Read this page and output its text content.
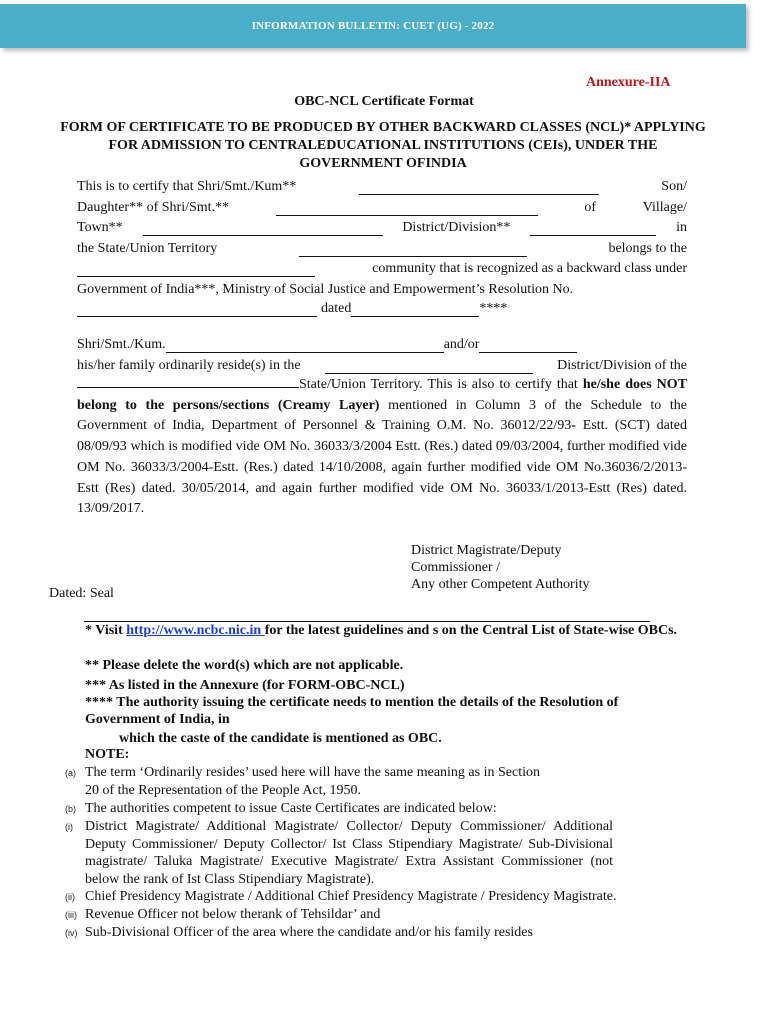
INFORMATION BULLETIN: CUET (UG) - 2022
Annexure-IIA
OBC-NCL Certificate Format
FORM OF CERTIFICATE TO BE PRODUCED BY OTHER BACKWARD CLASSES (NCL)* APPLYING FOR ADMISSION TO CENTRALEDUCATIONAL INSTITUTIONS (CEIs), UNDER THE GOVERNMENT OFINDIA
This is to certify that Shri/Smt./Kum**	Son/
Daughter** of Shri/Smt.**	of	Village/
Town**	District/Division**	in
the State/Union Territory	belongs to the
community that is recognized as a backward class under
Government of India***, Ministry of Social Justice and Empowerment’s Resolution No.
dated	****
Shri/Smt./Kum.	and/or
his/her family ordinarily reside(s) in the	District/Division of the
State/Union Territory. This is also to certify that he/she does NOT belong to the persons/sections (Creamy Layer) mentioned in Column 3 of the Schedule to the Government of India, Department of Personnel & Training O.M. No. 36012/22/93- Estt. (SCT) dated 08/09/93 which is modified vide OM No. 36033/3/2004 Estt. (Res.) dated 09/03/2004, further modified vide OM No. 36033/3/2004-Estt. (Res.) dated 14/10/2008, again further modified vide OM No.36036/2/2013-Estt (Res) dated. 30/05/2014, and again further modified vide OM No. 36033/1/2013-Estt (Res) dated. 13/09/2017.
District Magistrate/Deputy
Commissioner /
Any other Competent Authority
Dated: Seal
* Visit http://www.ncbc.nic.in for the latest guidelines and s on the Central List of State-wise OBCs.
** Please delete the word(s) which are not applicable.
*** As listed in the Annexure (for FORM-OBC-NCL)
**** The authority issuing the certificate needs to mention the details of the Resolution of Government of India, in
which the caste of the candidate is mentioned as OBC.
NOTE:
(a) The term ‘Ordinarily resides’ used here will have the same meaning as in Section 20 of the Representation of the People Act, 1950.
(b) The authorities competent to issue Caste Certificates are indicated below:
(i) District Magistrate/ Additional Magistrate/ Collector/ Deputy Commissioner/ Additional Deputy Commissioner/ Deputy Collector/ Ist Class Stipendiary Magistrate/ Sub-Divisional magistrate/ Taluka Magistrate/ Executive Magistrate/ Extra Assistant Commissioner (not below the rank of Ist Class Stipendiary Magistrate).
(ii) Chief Presidency Magistrate / Additional Chief Presidency Magistrate / Presidency Magistrate.
(iii) Revenue Officer not below therank of Tehsildar’ and
(iv) Sub-Divisional Officer of the area where the candidate and/or his family resides
